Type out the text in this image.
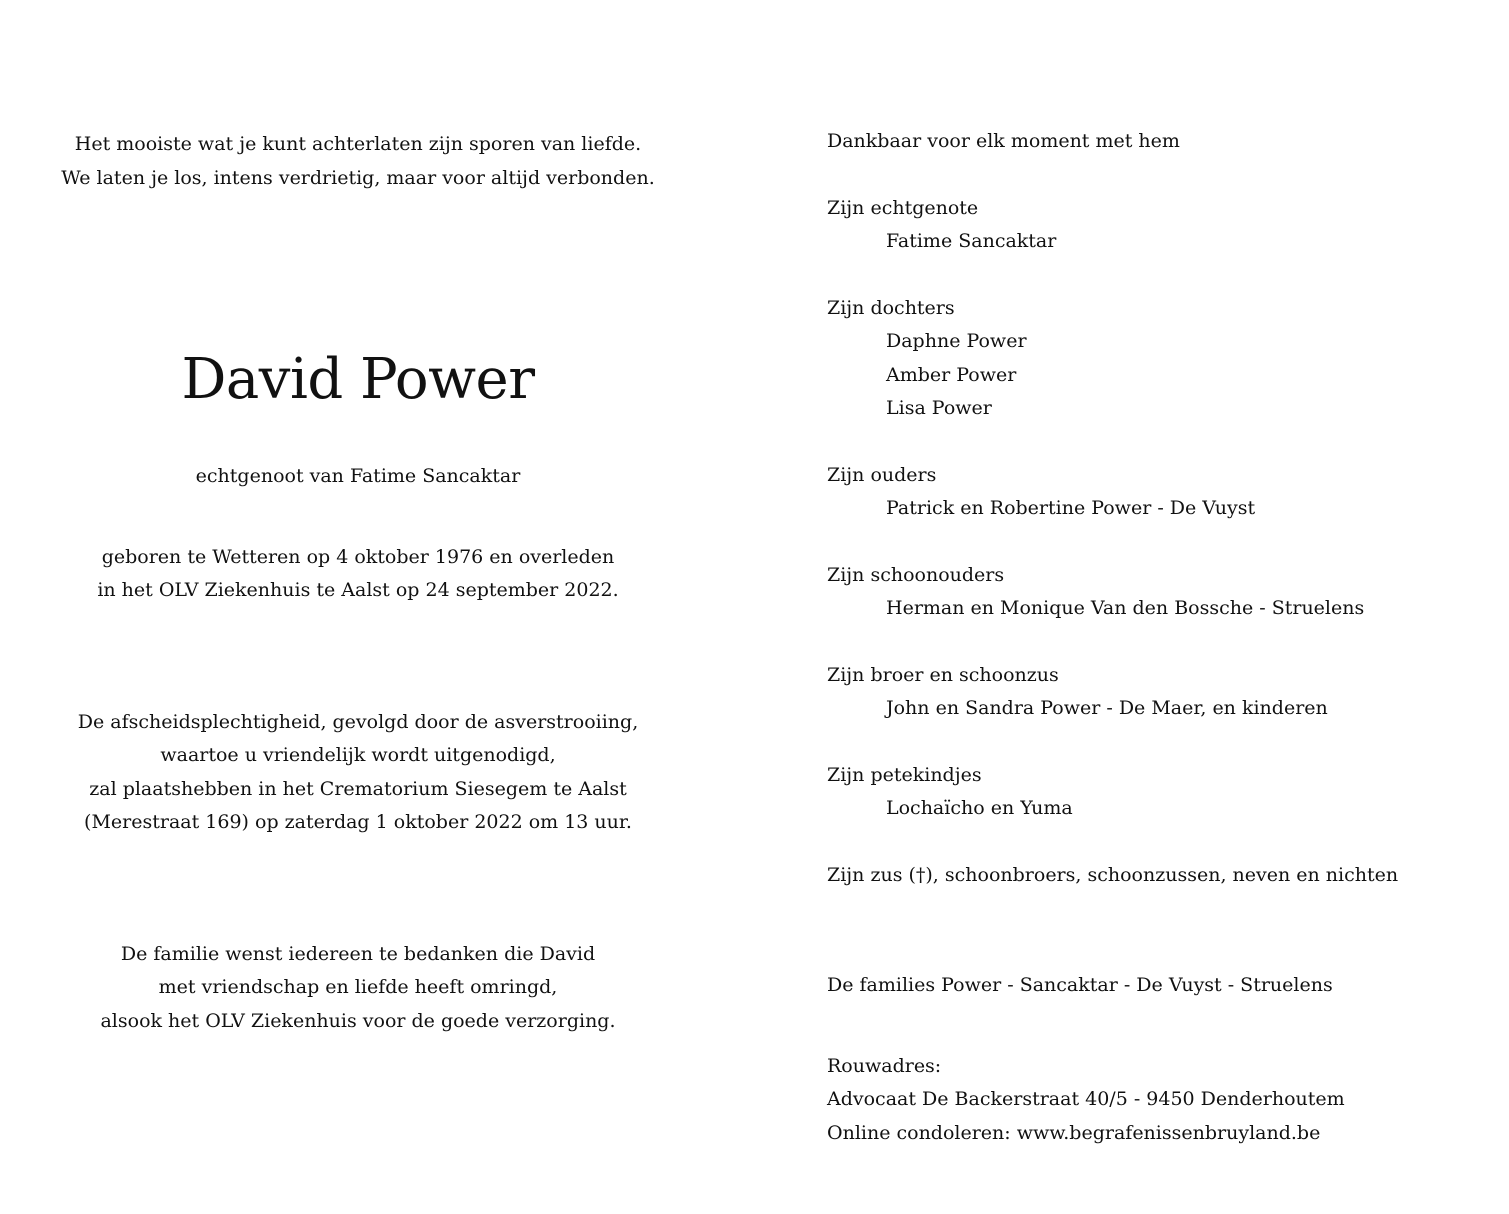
Het mooiste wat je kunt achterlaten zijn sporen van liefde.
We laten je los, intens verdrietig, maar voor altijd verbonden.
David Power
echtgenoot van Fatime Sancaktar
geboren te Wetteren op 4 oktober 1976 en overleden
in het OLV Ziekenhuis te Aalst op 24 september 2022.
De afscheidsplechtigheid, gevolgd door de asverstrooiing,
waartoe u vriendelijk wordt uitgenodigd,
zal plaatshebben in het Crematorium Siesegem te Aalst
(Merestraat 169) op zaterdag 1 oktober 2022 om 13 uur.
De familie wenst iedereen te bedanken die David
met vriendschap en liefde heeft omringd,
alsook het OLV Ziekenhuis voor de goede verzorging.
Dankbaar voor elk moment met hem
Zijn echtgenote
Fatime Sancaktar
Zijn dochters
Daphne Power
Amber Power
Lisa Power
Zijn ouders
Patrick en Robertine Power - De Vuyst
Zijn schoonouders
Herman en Monique Van den Bossche - Struelens
Zijn broer en schoonzus
John en Sandra Power - De Maer, en kinderen
Zijn petekindjes
Lochaïcho en Yuma
Zijn zus (†), schoonbroers, schoonzussen, neven en nichten
De families Power - Sancaktar - De Vuyst - Struelens
Rouwadres:
Advocaat De Backerstraat 40/5 - 9450 Denderhoutem
Online condoleren: www.begrafenissenbruyland.be
